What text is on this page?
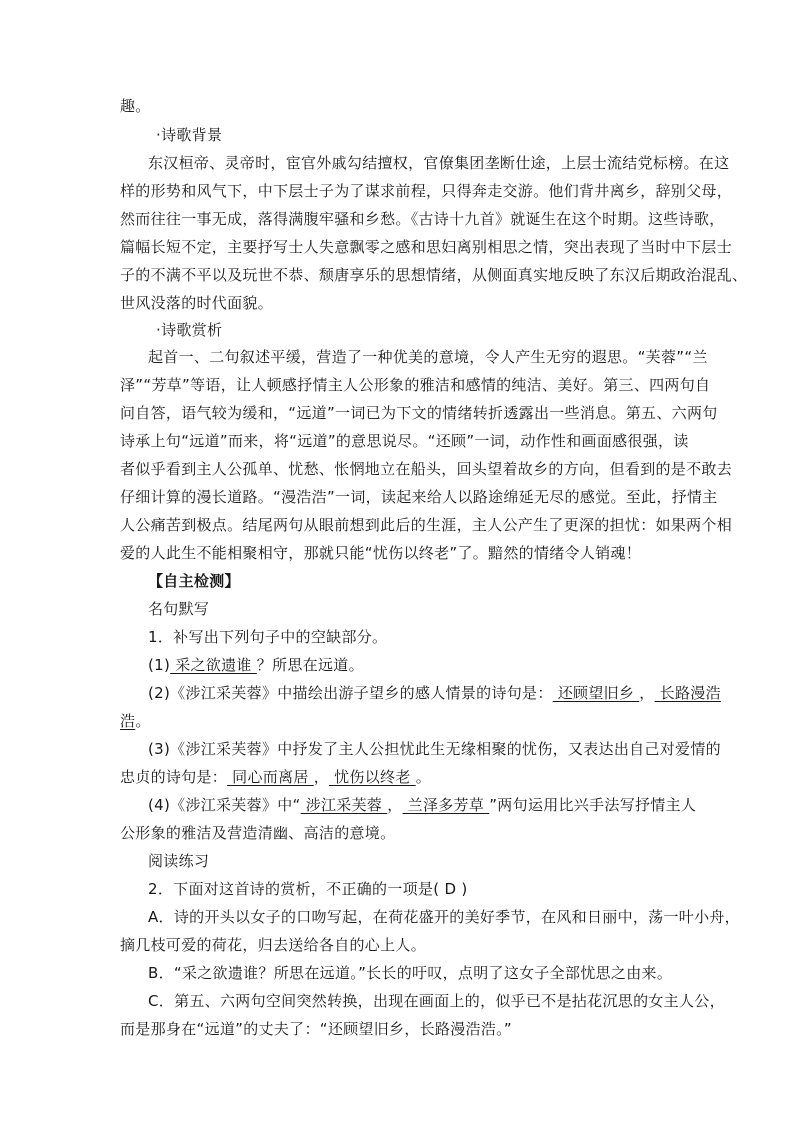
趣。
·诗歌背景
东汉桓帝、灵帝时，宦官外戚勾结擅权，官僚集团垄断仕途，上层士流结党标榜。在这
样的形势和风气下，中下层士子为了谋求前程，只得奔走交游。他们背井离乡，辞别父母，
然而往往一事无成，落得满腹牢骚和乡愁。《古诗十九首》就诞生在这个时期。这些诗歌，
篇幅长短不定，主要抒写士人失意飘零之感和思妇离别相思之情，突出表现了当时中下层士
子的不满不平以及玩世不恭、颓唐享乐的思想情绪，从侧面真实地反映了东汉后期政治混乱、
世风没落的时代面貌。
·诗歌赏析
起首一、二句叙述平缓，营造了一种优美的意境，令人产生无穷的遐思。“芙蓉”“兰
泽”“芳草”等语，让人顿感抒情主人公形象的雅洁和感情的纯洁、美好。第三、四两句自
问自答，语气较为缓和，“远道”一词已为下文的情绪转折透露出一些消息。第五、六两句
诗承上句“远道”而来，将“远道”的意思说尽。“还顾”一词，动作性和画面感很强，读
者似乎看到主人公孤单、忧愁、怅惘地立在船头，回头望着故乡的方向，但看到的是不敢去
仔细计算的漫长道路。“漫浩浩”一词，读起来给人以路途绵延无尽的感觉。至此，抒情主
人公痛苦到极点。结尾两句从眼前想到此后的生涯，主人公产生了更深的担忧：如果两个相
爱的人此生不能相聚相守，那就只能“忧伤以终老”了。黯然的情绪令人销魂！
【自主检测】
名句默写
1．补写出下列句子中的空缺部分。
(1) 采之欲遗谁 ？所思在远道。
(2)《涉江采芙蓉》中描绘出游子望乡的感人情景的诗句是： 还顾望旧乡 ， 长路漫浩
浩。
(3)《涉江采芙蓉》中抒发了主人公担忧此生无缘相聚的忧伤，又表达出自己对爱情的
忠贞的诗句是： 同心而离居 ， 忧伤以终老 。
(4)《涉江采芙蓉》中“ 涉江采芙蓉 ， 兰泽多芳草 ”两句运用比兴手法写抒情主人
公形象的雅洁及营造清幽、高洁的意境。
阅读练习
2．下面对这首诗的赏析，不正确的一项是( D )
A．诗的开头以女子的口吻写起，在荷花盛开的美好季节，在风和日丽中，荡一叶小舟，
摘几枝可爱的荷花，归去送给各自的心上人。
B．“采之欲遗谁？所思在远道。”长长的吁叹，点明了这女子全部忧思之由来。
C．第五、六两句空间突然转换，出现在画面上的，似乎已不是拈花沉思的女主人公，
而是那身在“远道”的丈夫了：“还顾望旧乡，长路漫浩浩。”
